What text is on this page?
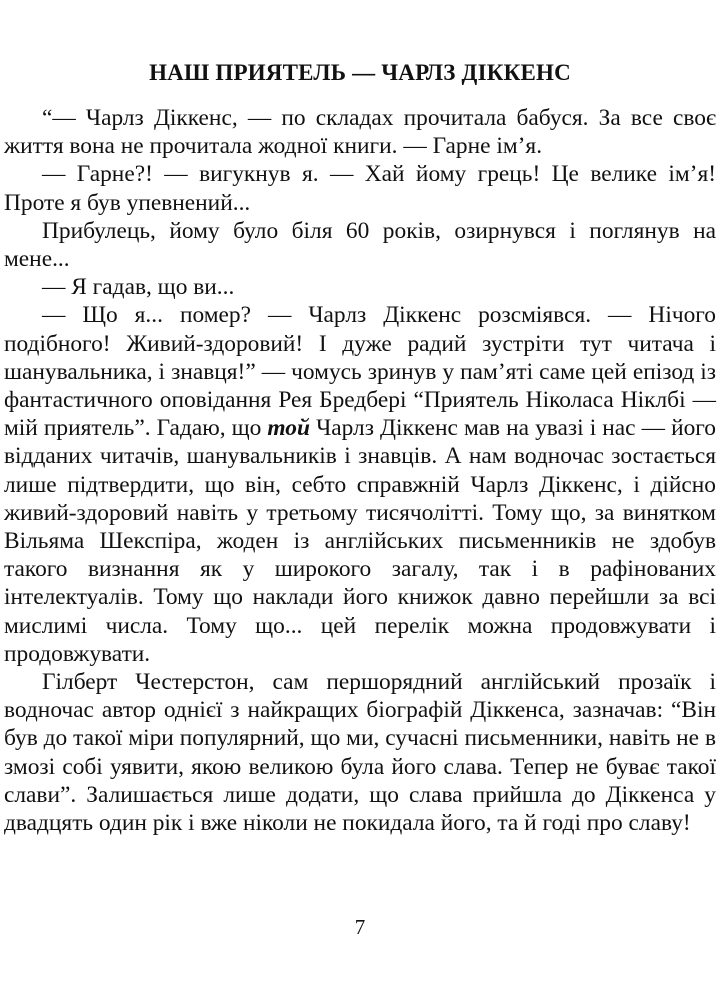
НАШ ПРИЯТЕЛЬ — ЧАРЛЗ ДІККЕНС

“— Чарлз Діккенс, — по складах прочитала бабуся. За все своє життя вона не прочитала жодної книги. — Гарне ім’я.

— Гарне?! — вигукнув я. — Хай йому грець! Це велике ім’я! Проте я був упевнений...

Прибулець, йому було біля 60 років, озирнувся і поглянув на мене...

— Я гадав, що ви...

— Що я... помер? — Чарлз Діккенс розсміявся. — Нічого подібного! Живий-здоровий! І дуже радий зустріти тут читача і шанувальника, і знавця!” — чомусь зринув у пам’яті саме цей епізод із фантастичного оповідання Рея Бредбері “Приятель Ніколаса Ніклбі — мій приятель”. Гадаю, що той Чарлз Діккенс мав на увазі і нас — його відданих читачів, шанувальників і знавців. А нам водночас зостається лише підтвердити, що він, себто справжній Чарлз Діккенс, і дійсно живий-здоровий навіть у третьому тисячолітті. Тому що, за винятком Вільяма Шекспіра, жоден із англійських письменників не здобув такого визнання як у широкого загалу, так і в рафінованих інтелектуалів. Тому що наклади його книжок давно перейшли за всі мислимі числа. Тому що... цей перелік можна продовжувати і продовжувати.

Гілберт Честерстон, сам першорядний англійський прозаїк і водночас автор однієї з найкращих біографій Діккенса, зазначав: “Він був до такої міри популярний, що ми, сучасні письменники, навіть не в змозі собі уявити, якою великою була його слава. Тепер не буває такої слави”. Залишається лише додати, що слава прийшла до Діккенса у двадцять один рік і вже ніколи не покидала його, та й годі про славу!

7
